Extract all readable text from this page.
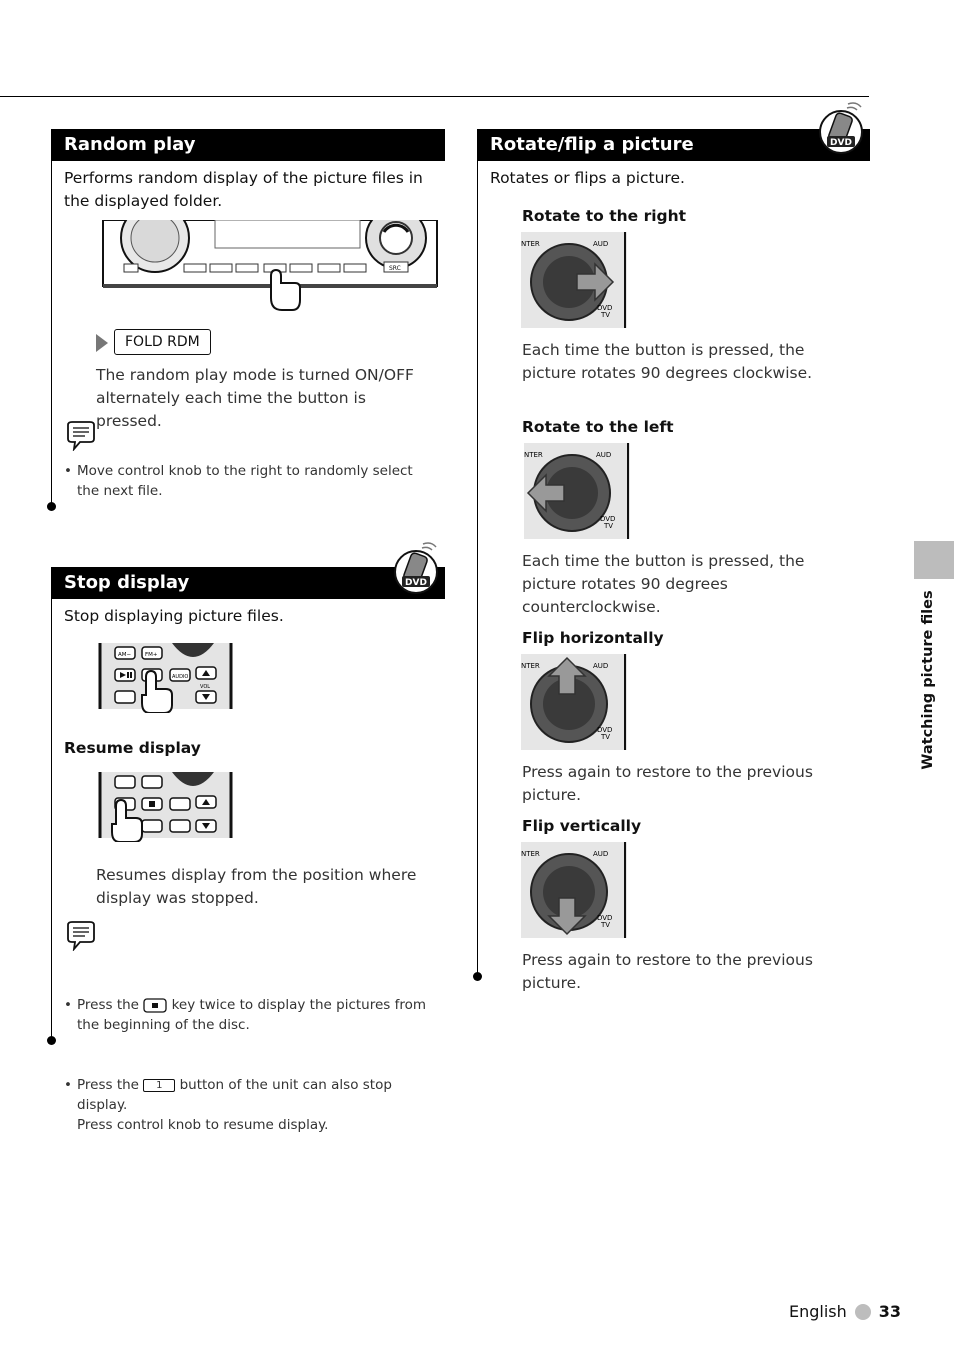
Random play

Performs random display of the picture files in the displayed folder.

SRC
FOLD RDM

The random play mode is turned ON/OFF alternately each time the button is pressed.

• Move control knob to the right to randomly select the next file.

Stop display	DVD

Stop displaying picture files.

AM−	FM+
AUDIO
VOL

Resume display

Resumes display from the position where display was stopped.

• Press the key twice to display the pictures from the beginning of the disc.
• Press the 1 button of the unit can also stop display.
Press control knob to resume display.
Rotate/flip a picture	DVD

Rotates or flips a picture.

Rotate to the right

NTER	AUD
DVD
TV

Each time the button is pressed, the picture rotates 90 degrees clockwise.

Rotate to the left

NTER	AUD
DVD
TV

Each time the button is pressed, the picture rotates 90 degrees counterclockwise.

Flip horizontally

NTER	AUD
DVD
TV

Press again to restore to the previous picture.

Flip vertically

NTER	AUD
DVD
TV

Press again to restore to the previous picture.

Watching picture files
English 33
